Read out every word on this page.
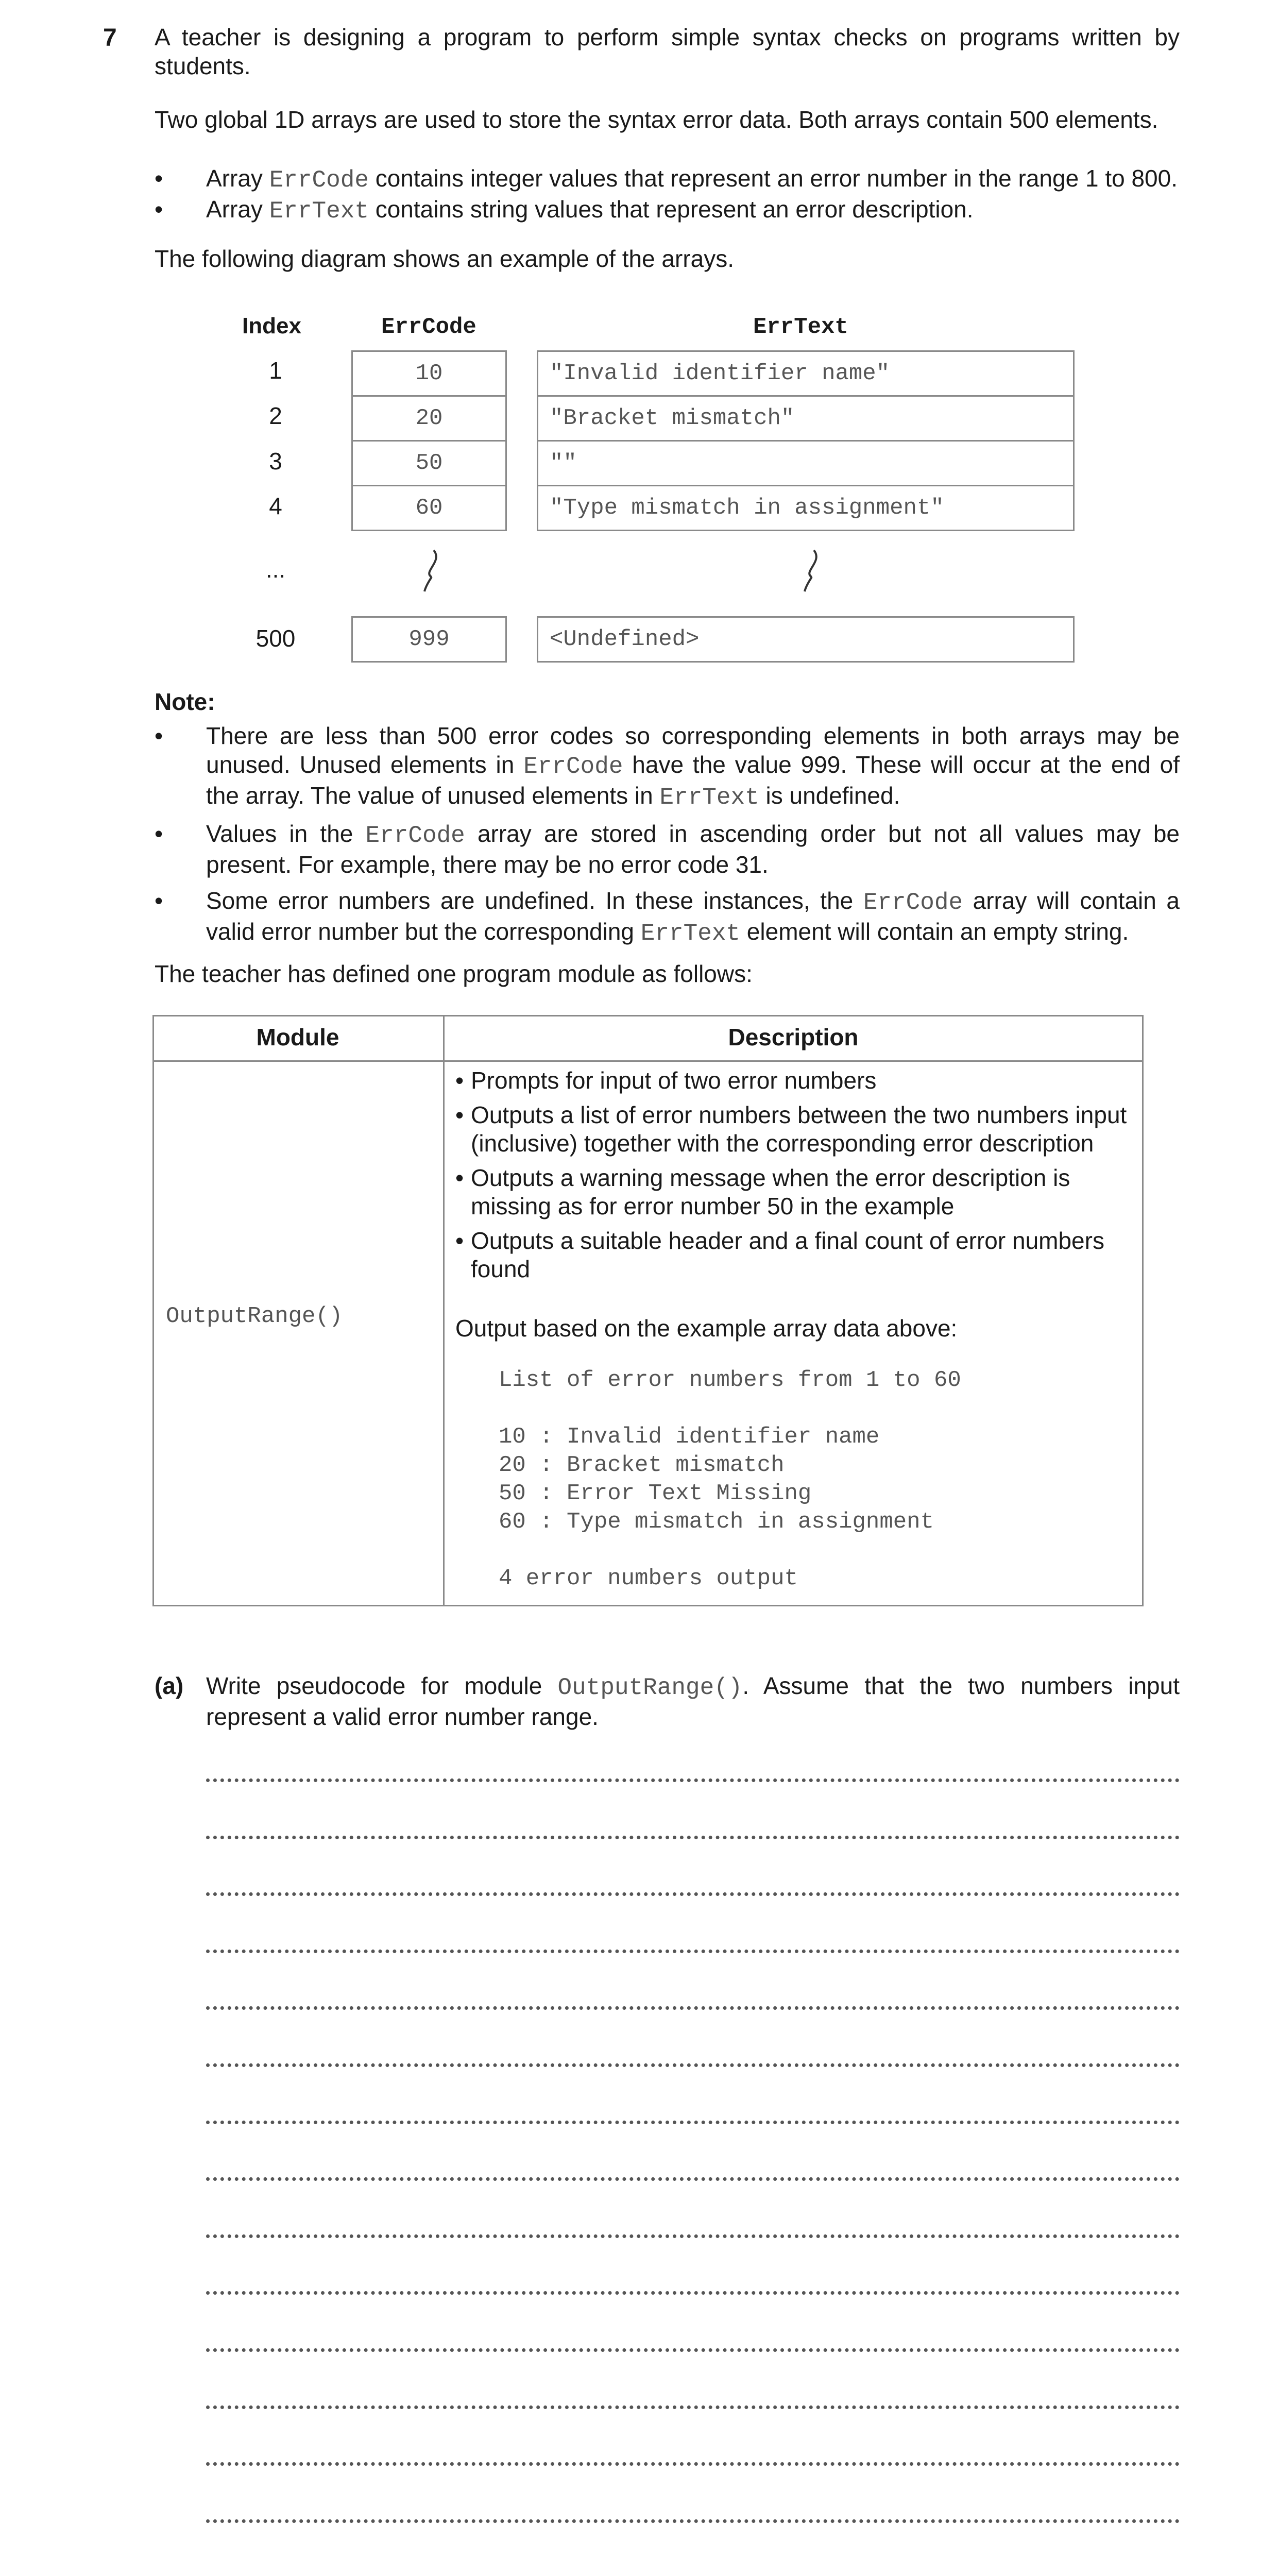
7 A teacher is designing a program to perform simple syntax checks on programs written by students.
Two global 1D arrays are used to store the syntax error data. Both arrays contain 500 elements.
• Array ErrCode contains integer values that represent an error number in the range 1 to 800.
• Array ErrText contains string values that represent an error description.
The following diagram shows an example of the arrays.
Index	ErrCode	ErrText
1	10	"Invalid identifier name"
2	20	"Bracket mismatch"
3	50	""
4	60	"Type mismatch in assignment"
...
500	999	<Undefined>
Note:
• There are less than 500 error codes so corresponding elements in both arrays may be unused. Unused elements in ErrCode have the value 999. These will occur at the end of the array. The value of unused elements in ErrText is undefined.
• Values in the ErrCode array are stored in ascending order but not all values may be present. For example, there may be no error code 31.
• Some error numbers are undefined. In these instances, the ErrCode array will contain a valid error number but the corresponding ErrText element will contain an empty string.
The teacher has defined one program module as follows:
Module	Description
OutputRange()
• Prompts for input of two error numbers
• Outputs a list of error numbers between the two numbers input (inclusive) together with the corresponding error description
• Outputs a warning message when the error description is missing as for error number 50 in the example
• Outputs a suitable header and a final count of error numbers found
Output based on the example array data above:
List of error numbers from 1 to 60

10 : Invalid identifier name
20 : Bracket mismatch
50 : Error Text Missing
60 : Type mismatch in assignment

4 error numbers output
(a) Write pseudocode for module OutputRange(). Assume that the two numbers input represent a valid error number range.
